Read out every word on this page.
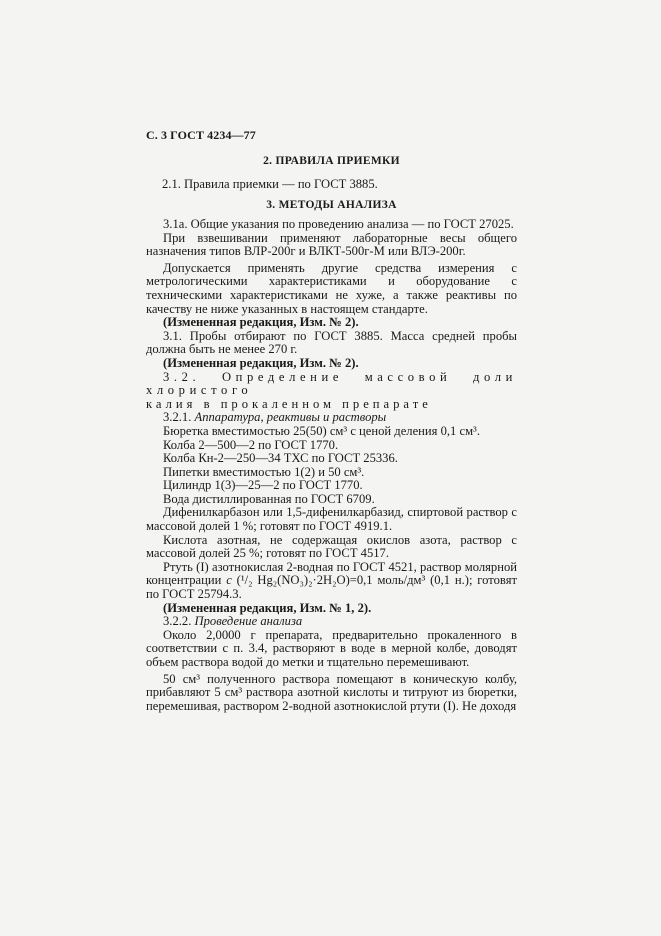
С. 3 ГОСТ 4234—77
2. ПРАВИЛА ПРИЕМКИ
2.1. Правила приемки — по ГОСТ 3885.
3. МЕТОДЫ АНАЛИЗА

3.1а. Общие указания по проведению анализа — по ГОСТ 27025.

При взвешивании применяют лабораторные весы общего назначения типов ВЛР-200г и ВЛКТ-500г-М или ВЛЭ-200г.

Допускается применять другие средства измерения с метрологическими характеристиками и оборудование с техническими характеристиками не хуже, а также реактивы по качеству не ниже указанных в настоящем стандарте.

(Измененная редакция, Изм. № 2).

3.1. Пробы отбирают по ГОСТ 3885. Масса средней пробы должна быть не менее 270 г.

(Измененная редакция, Изм. № 2).

3.2. Определение массовой доли хлористого

калия в прокаленном препарате

3.2.1. Аппаратура, реактивы и растворы

Бюретка вместимостью 25(50) см³ с ценой деления 0,1 см³.

Колба 2—500—2 по ГОСТ 1770.

Колба Кн-2—250—34 ТХС по ГОСТ 25336.

Пипетки вместимостью 1(2) и 50 см³.

Цилиндр 1(3)—25—2 по ГОСТ 1770.

Вода дистиллированная по ГОСТ 6709.

Дифенилкарбазон или 1,5-дифенилкарбазид, спиртовой раствор с массовой долей 1 %; готовят по ГОСТ 4919.1.

Кислота азотная, не содержащая окислов азота, раствор с массовой долей 25 %; готовят по ГОСТ 4517.

Ртуть (I) азотнокислая 2-водная по ГОСТ 4521, раствор молярной концентрации c (¹/₂ Hg₂(NO₃)₂·2H₂O)=0,1 моль/дм³ (0,1 н.); готовят по ГОСТ 25794.3.

(Измененная редакция, Изм. № 1, 2).

3.2.2. Проведение анализа

Около 2,0000 г препарата, предварительно прокаленного в соответствии с п. 3.4, растворяют в воде в мерной колбе, доводят объем раствора водой до метки и тщательно перемешивают.

50 см³ полученного раствора помещают в коническую колбу, прибавляют 5 см³ раствора азотной кислоты и титруют из бюретки, перемешивая, раствором 2-водной азотнокислой ртути (I). Не доходя
